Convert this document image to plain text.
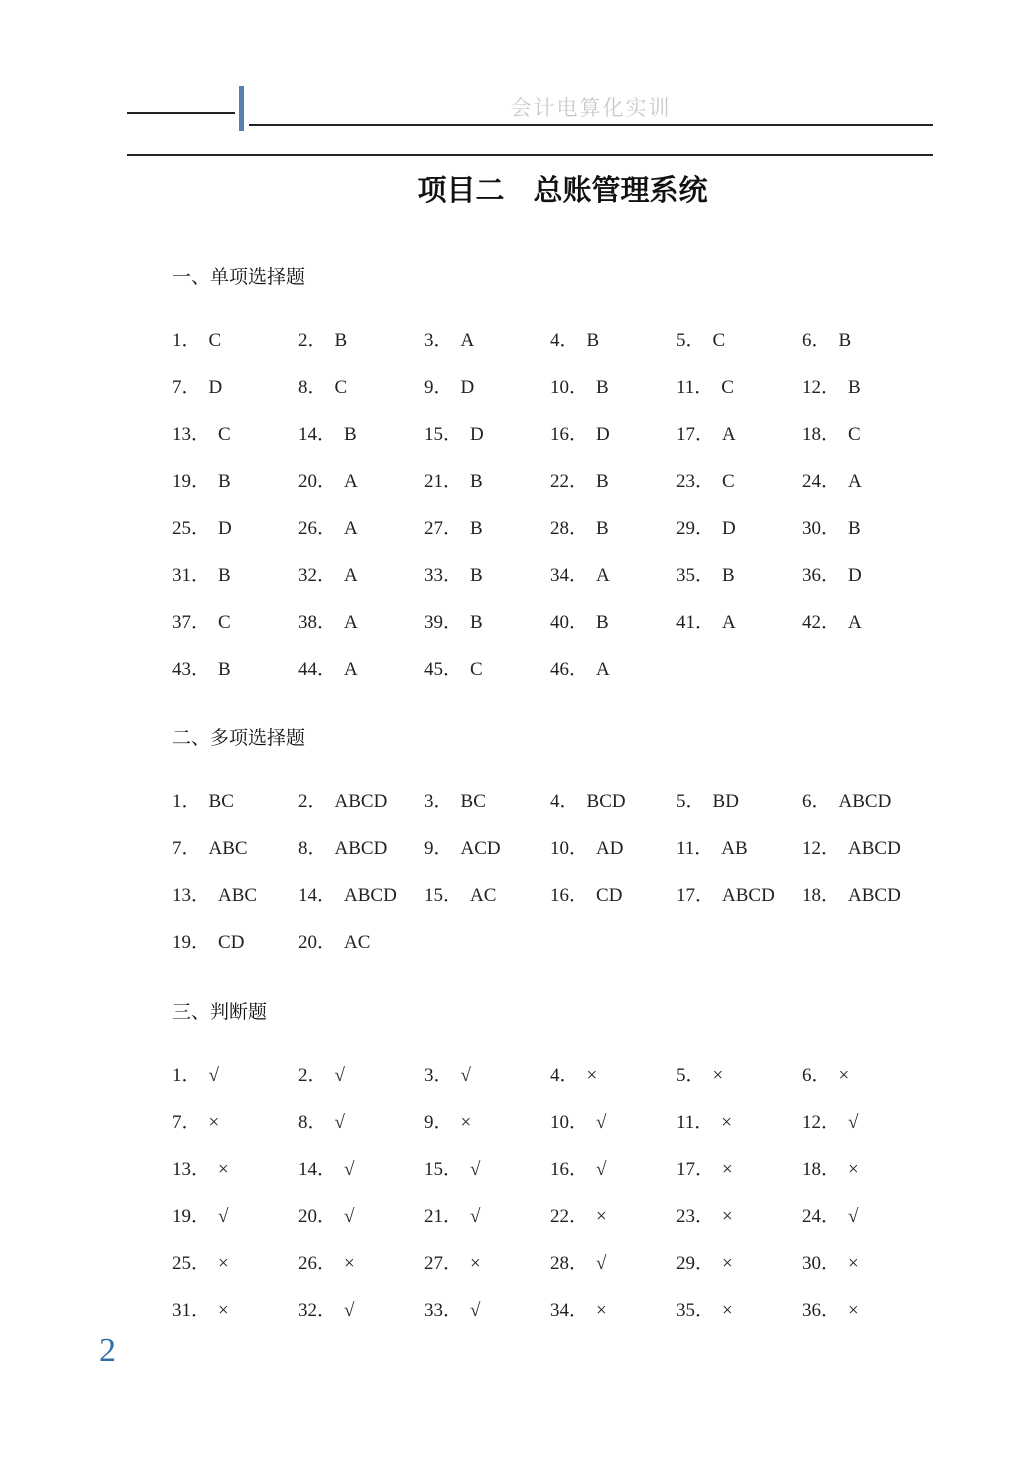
会计电算化实训
项目二　总账管理系统
一、单项选择题
1． C	2． B	3． A	4． B	5． C	6． B
7． D	8． C	9． D	10． B	11． C	12． B
13． C	14． B	15． D	16． D	17． A	18． C
19． B	20． A	21． B	22． B	23． C	24． A
25． D	26． A	27． B	28． B	29． D	30． B
31． B	32． A	33． B	34． A	35． B	36． D
37． C	38． A	39． B	40． B	41． A	42． A
43． B	44． A	45． C	46． A
二、多项选择题
1． BC	2． ABCD	3． BC	4． BCD	5． BD	6． ABCD
7． ABC	8． ABCD	9． ACD	10． AD	11． AB	12． ABCD
13． ABC	14． ABCD	15． AC	16． CD	17． ABCD	18． ABCD
19． CD	20． AC
三、判断题
1． √	2． √	3． √	4． ×	5． ×	6． ×
7． ×	8． √	9． ×	10． √	11． ×	12． √
13． ×	14． √	15． √	16． √	17． ×	18． ×
19． √	20． √	21． √	22． ×	23． ×	24． √
25． ×	26． ×	27． ×	28． √	29． ×	30． ×
31． ×	32． √	33． √	34． ×	35． ×	36． ×
2
